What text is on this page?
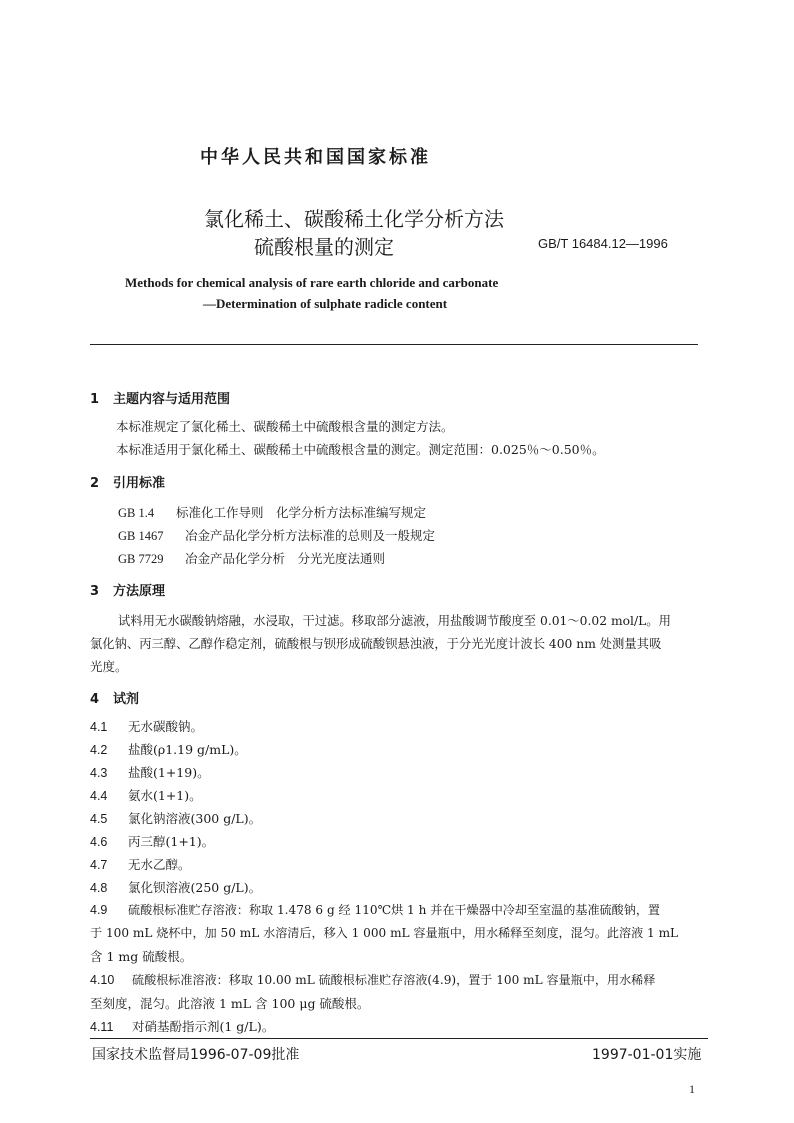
中华人民共和国国家标准
氯化稀土、碳酸稀土化学分析方法
硫酸根量的测定	GB/T 16484.12—1996
Methods for chemical analysis of rare earth chloride and carbonate
—Determination of sulphate radicle content
1 主题内容与适用范围
本标准规定了氯化稀土、碳酸稀土中硫酸根含量的测定方法。
本标准适用于氯化稀土、碳酸稀土中硫酸根含量的测定。测定范围：0.025％～0.50％。
2 引用标准
GB 1.4 标准化工作导则　化学分析方法标准编写规定
GB 1467 冶金产品化学分析方法标准的总则及一般规定
GB 7729 冶金产品化学分析　分光光度法通则
3 方法原理
试料用无水碳酸钠熔融，水浸取，干过滤。移取部分滤液，用盐酸调节酸度至 0.01～0.02 mol/L。用
氯化钠、丙三醇、乙醇作稳定剂，硫酸根与钡形成硫酸钡悬浊液，于分光光度计波长 400 nm 处测量其吸
光度。
4 试剂
4.1 无水碳酸钠。
4.2 盐酸(ρ1.19 g/mL)。
4.3 盐酸(1+19)。
4.4 氨水(1+1)。
4.5 氯化钠溶液(300 g/L)。
4.6 丙三醇(1+1)。
4.7 无水乙醇。
4.8 氯化钡溶液(250 g/L)。
4.9 硫酸根标准贮存溶液：称取 1.478 6 g 经 110℃烘 1 h 并在干燥器中冷却至室温的基准硫酸钠，置
于 100 mL 烧杯中，加 50 mL 水溶清后，移入 1 000 mL 容量瓶中，用水稀释至刻度，混匀。此溶液 1 mL
含 1 mg 硫酸根。
4.10 硫酸根标准溶液：移取 10.00 mL 硫酸根标准贮存溶液(4.9)，置于 100 mL 容量瓶中，用水稀释
至刻度，混匀。此溶液 1 mL 含 100 μg 硫酸根。
4.11 对硝基酚指示剂(1 g/L)。
国家技术监督局1996-07-09批准	1997-01-01实施
1
